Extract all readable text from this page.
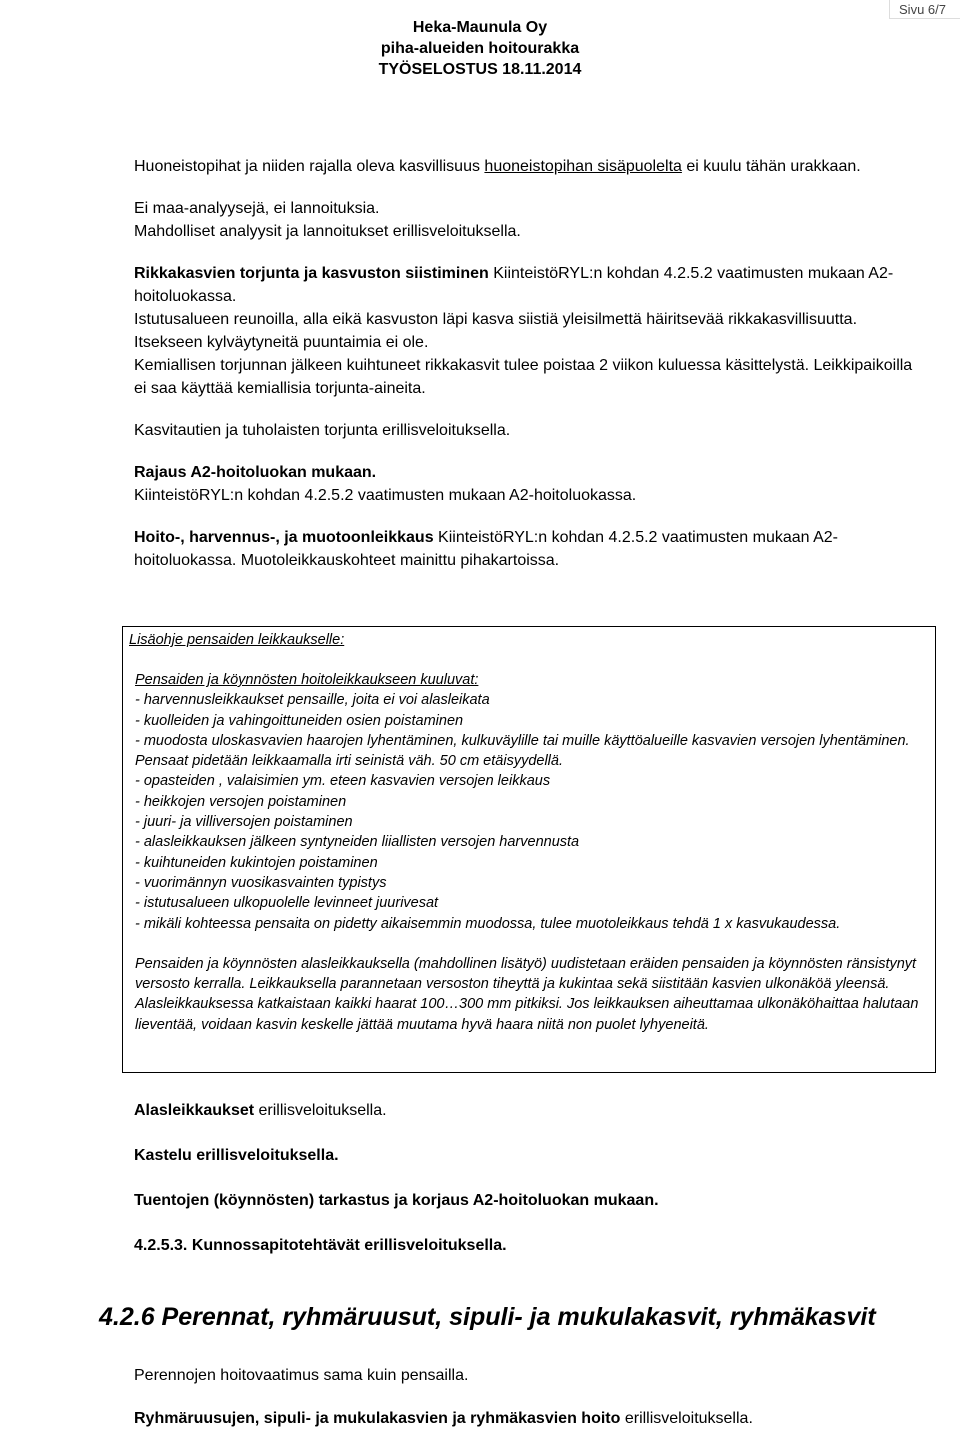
Sivu 6/7
Heka-Maunula Oy
piha-alueiden hoitourakka
TYÖSELOSTUS 18.11.2014

Huoneistopihat ja niiden rajalla oleva kasvillisuus huoneistopihan sisäpuolelta ei kuulu tähän urakkaan.

Ei maa-analyysejä, ei lannoituksia.

Mahdolliset analyysit ja lannoitukset erillisveloituksella.

Rikkakasvien torjunta ja kasvuston siistiminen KiinteistöRYL:n kohdan 4.2.5.2 vaatimusten mukaan A2-hoitoluokassa.

Istutusalueen reunoilla, alla eikä kasvuston läpi kasva siistiä yleisilmettä häiritsevää rikkakasvillisuutta. Itsekseen kylväytyneitä puuntaimia ei ole.

Kemiallisen torjunnan jälkeen kuihtuneet rikkakasvit tulee poistaa 2 viikon kuluessa käsittelystä. Leikkipaikoilla ei saa käyttää kemiallisia torjunta-aineita.

Kasvitautien ja tuholaisten torjunta erillisveloituksella.

Rajaus A2-hoitoluokan mukaan.

KiinteistöRYL:n kohdan 4.2.5.2 vaatimusten mukaan A2-hoitoluokassa.

Hoito-, harvennus-, ja muotoonleikkaus KiinteistöRYL:n kohdan 4.2.5.2 vaatimusten mukaan A2-hoitoluokassa. Muotoleikkauskohteet mainittu pihakartoissa.

Lisäohje pensaiden leikkaukselle:

Pensaiden ja köynnösten hoitoleikkaukseen kuuluvat:

- harvennusleikkaukset pensaille, joita ei voi alasleikata

- kuolleiden ja vahingoittuneiden osien poistaminen

- muodosta uloskasvavien haarojen lyhentäminen, kulkuväylille tai muille käyttöalueille kasvavien versojen lyhentäminen. Pensaat pidetään leikkaamalla irti seinistä väh. 50 cm etäisyydellä.

- opasteiden , valaisimien ym. eteen kasvavien versojen leikkaus

- heikkojen versojen poistaminen

- juuri- ja villiversojen poistaminen

- alasleikkauksen jälkeen syntyneiden liiallisten versojen harvennusta

- kuihtuneiden kukintojen poistaminen

- vuorimännyn vuosikasvainten typistys

- istutusalueen ulkopuolelle levinneet juurivesat

- mikäli kohteessa pensaita on pidetty aikaisemmin muodossa, tulee muotoleikkaus tehdä 1 x kasvukaudessa.

Pensaiden ja köynnösten alasleikkauksella (mahdollinen lisätyö) uudistetaan eräiden pensaiden ja köynnösten ränsistynyt versosto kerralla. Leikkauksella parannetaan versoston tiheyttä ja kukintaa sekä siistitään kasvien ulkonäköä yleensä. Alasleikkauksessa katkaistaan kaikki haarat 100…300 mm pitkiksi. Jos leikkauksen aiheuttamaa ulkonäköhaittaa halutaan lieventää, voidaan kasvin keskelle jättää muutama hyvä haara niitä non puolet lyhyeneitä.

Alasleikkaukset erillisveloituksella.

Kastelu erillisveloituksella.

Tuentojen (köynnösten) tarkastus ja korjaus A2-hoitoluokan mukaan.

4.2.5.3. Kunnossapitotehtävät erillisveloituksella.

4.2.6 Perennat, ryhmäruusut, sipuli- ja mukulakasvit, ryhmäkasvit

Perennojen hoitovaatimus sama kuin pensailla.

Ryhmäruusujen, sipuli- ja mukulakasvien ja ryhmäkasvien hoito erillisveloituksella.
